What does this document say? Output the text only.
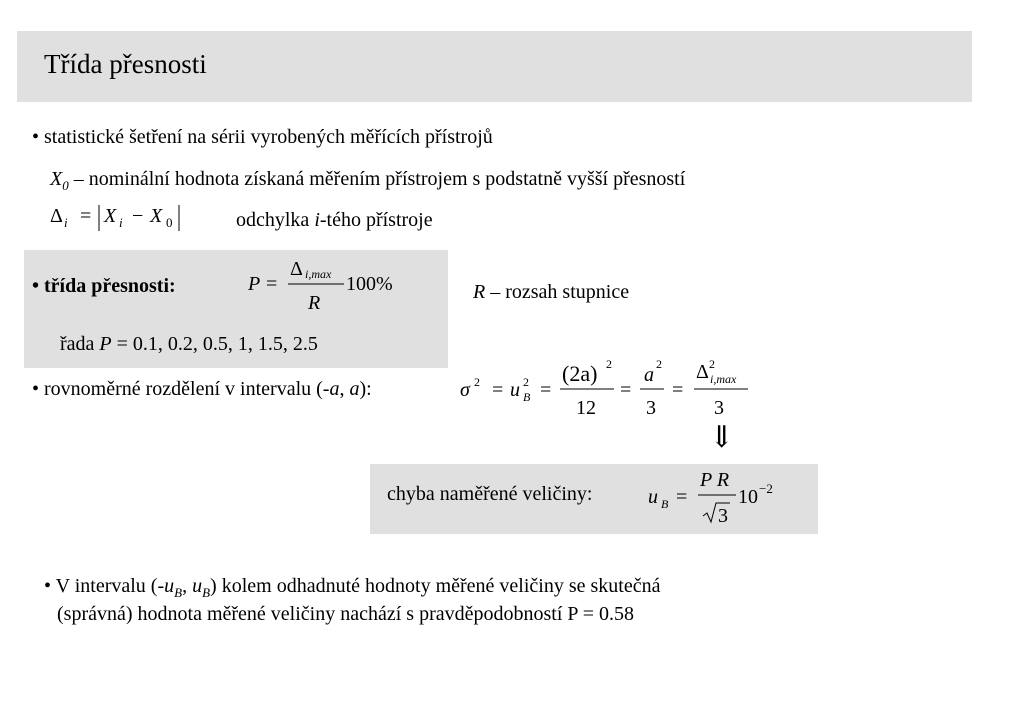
Třída přesnosti
• statistické šetření na sérii vyrobených měřících přístrojů
$X_0$ – nominální hodnota získaná měřením přístrojem s podstatně vyšší přesností
Δ i = X i − X 0	odchylka i-tého přístroje
• třída přesnosti:	P =
Δ i,max
R
100%
řada P = 0.1, 0.2, 0.5, 1, 1.5, 2.5
R – rozsah stupnice
• rovnoměrné rozdělení v intervalu (-a, a):	σ 2 = u 2
B =
(2a) 2
12
=
a 2
3
=
Δ 2
i,max
3
⇓
chyba naměřené veličiny:	u B =
P R
3
10 −2
• V intervalu ($-u_B$, $u_B$) kolem odhadnuté hodnoty měřené veličiny se skutečná
(správná) hodnota měřené veličiny nachází s pravděpodobností P = 0.58
